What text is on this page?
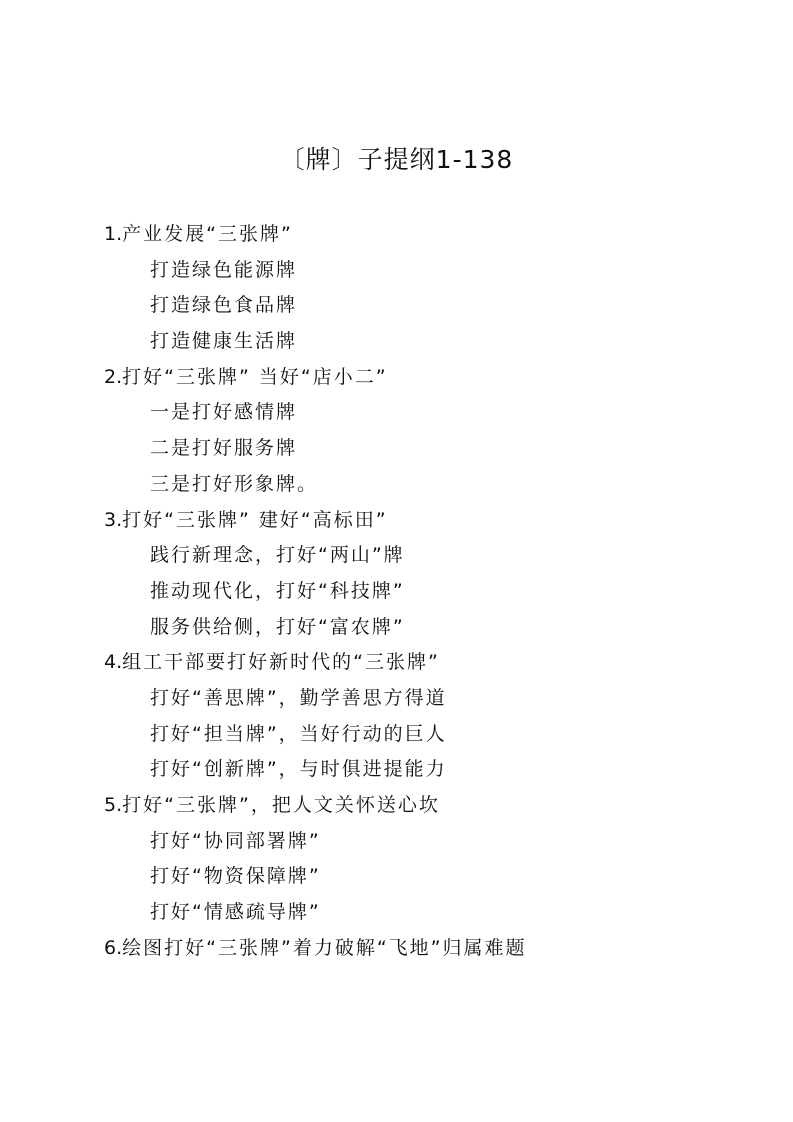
〔牌〕子提纲1-138
1.产业发展“三张牌”
打造绿色能源牌
打造绿色食品牌
打造健康生活牌
2.打好“三张牌” 当好“店小二”
一是打好感情牌
二是打好服务牌
三是打好形象牌。
3.打好“三张牌” 建好“高标田”
践行新理念，打好“两山”牌
推动现代化，打好“科技牌”
服务供给侧，打好“富农牌”
4.组工干部要打好新时代的“三张牌”
打好“善思牌”，勤学善思方得道
打好“担当牌”，当好行动的巨人
打好“创新牌”，与时俱进提能力
5.打好“三张牌”，把人文关怀送心坎
打好“协同部署牌”
打好“物资保障牌”
打好“情感疏导牌”
6.绘图打好“三张牌”着力破解“飞地”归属难题
